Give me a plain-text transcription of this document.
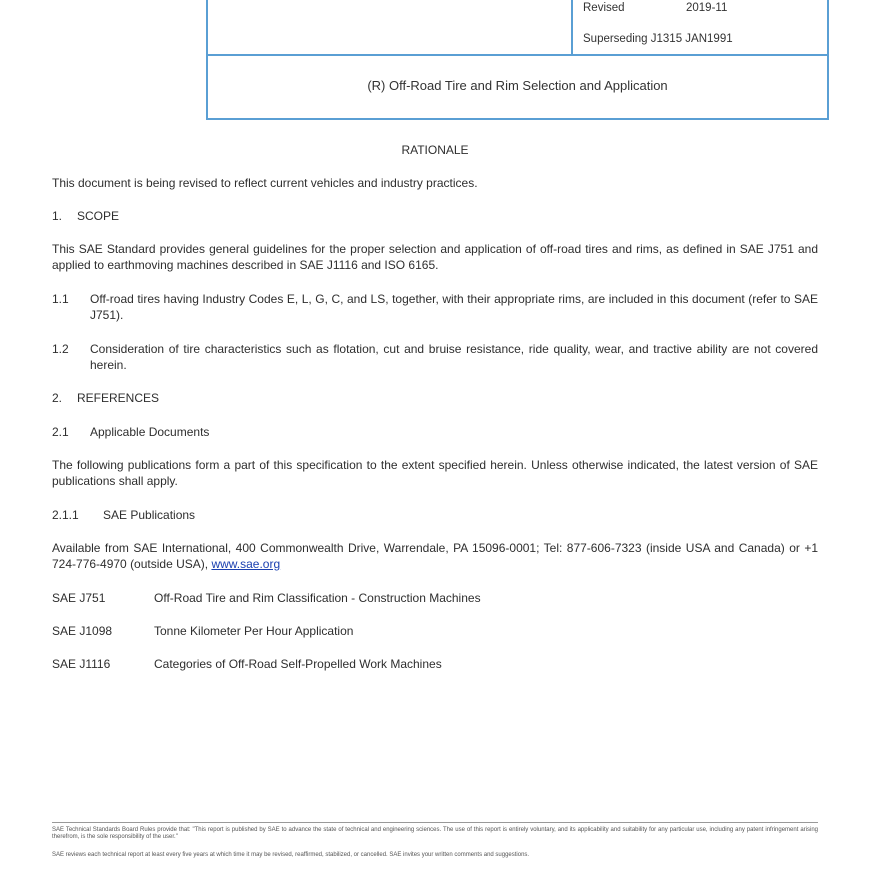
Revised	2019-11
Superseding J1315 JAN1991
(R) Off-Road Tire and Rim Selection and Application
RATIONALE
This document is being revised to reflect current vehicles and industry practices.
1. SCOPE
This SAE Standard provides general guidelines for the proper selection and application of off-road tires and rims, as defined in SAE J751 and applied to earthmoving machines described in SAE J1116 and ISO 6165.
1.1 Off-road tires having Industry Codes E, L, G, C, and LS, together, with their appropriate rims, are included in this document (refer to SAE J751).
1.2 Consideration of tire characteristics such as flotation, cut and bruise resistance, ride quality, wear, and tractive ability are not covered herein.
2. REFERENCES
2.1 Applicable Documents
The following publications form a part of this specification to the extent specified herein. Unless otherwise indicated, the latest version of SAE publications shall apply.
2.1.1 SAE Publications
Available from SAE International, 400 Commonwealth Drive, Warrendale, PA 15096-0001; Tel: 877-606-7323 (inside USA and Canada) or +1 724-776-4970 (outside USA), www.sae.org
SAE J751	Off-Road Tire and Rim Classification - Construction Machines
SAE J1098	Tonne Kilometer Per Hour Application
SAE J1116	Categories of Off-Road Self-Propelled Work Machines
SAE Technical Standards Board Rules provide that: "This report is published by SAE to advance the state of technical and engineering sciences. The use of this report is entirely voluntary, and its applicability and suitability for any particular use, including any patent infringement arising therefrom, is the sole responsibility of the user."
SAE reviews each technical report at least every five years at which time it may be revised, reaffirmed, stabilized, or cancelled. SAE invites your written comments and suggestions.
